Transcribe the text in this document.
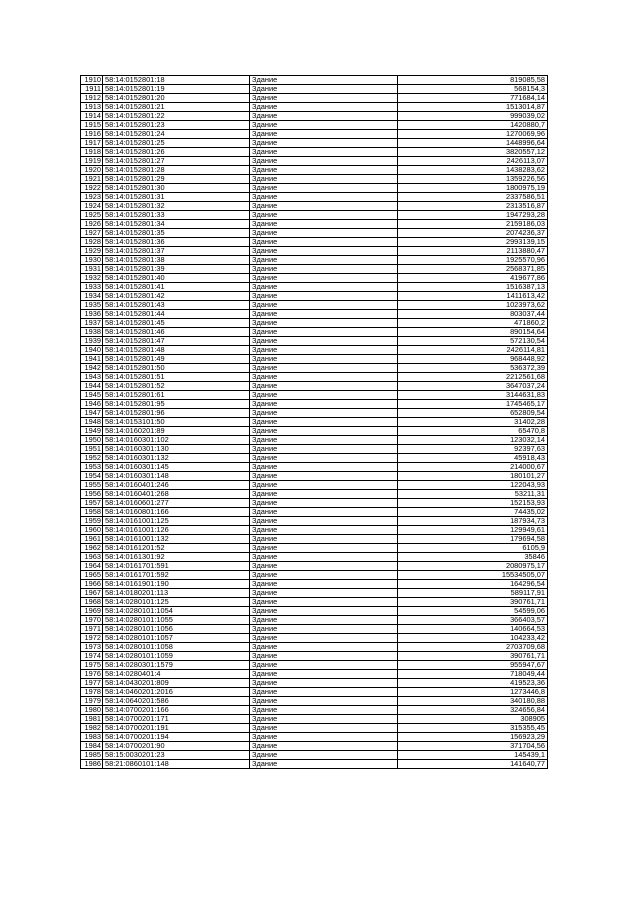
1910	58:14:0152801:18	Здание	819085,58
1911	58:14:0152801:19	Здание	568154,3
1912	58:14:0152801:20	Здание	771684,14
1913	58:14:0152801:21	Здание	1513014,87
1914	58:14:0152801:22	Здание	999039,02
1915	58:14:0152801:23	Здание	1420880,7
1916	58:14:0152801:24	Здание	1270069,96
1917	58:14:0152801:25	Здание	1448996,64
1918	58:14:0152801:26	Здание	3820557,12
1919	58:14:0152801:27	Здание	2426113,07
1920	58:14:0152801:28	Здание	1438283,62
1921	58:14:0152801:29	Здание	1359226,56
1922	58:14:0152801:30	Здание	1800975,19
1923	58:14:0152801:31	Здание	2337586,51
1924	58:14:0152801:32	Здание	2313516,87
1925	58:14:0152801:33	Здание	1947293,28
1926	58:14:0152801:34	Здание	2159186,03
1927	58:14:0152801:35	Здание	2074236,37
1928	58:14:0152801:36	Здание	2993139,15
1929	58:14:0152801:37	Здание	2113880,47
1930	58:14:0152801:38	Здание	1925570,96
1931	58:14:0152801:39	Здание	2568371,85
1932	58:14:0152801:40	Здание	419677,86
1933	58:14:0152801:41	Здание	1516387,13
1934	58:14:0152801:42	Здание	1411613,42
1935	58:14:0152801:43	Здание	1023973,62
1936	58:14:0152801:44	Здание	803037,44
1937	58:14:0152801:45	Здание	471860,2
1938	58:14:0152801:46	Здание	890154,64
1939	58:14:0152801:47	Здание	572130,54
1940	58:14:0152801:48	Здание	2426114,81
1941	58:14:0152801:49	Здание	968448,92
1942	58:14:0152801:50	Здание	536372,39
1943	58:14:0152801:51	Здание	2212561,68
1944	58:14:0152801:52	Здание	3647037,24
1945	58:14:0152801:61	Здание	3144631,83
1946	58:14:0152801:95	Здание	1745465,17
1947	58:14:0152801:96	Здание	652809,54
1948	58:14:0153101:50	Здание	31402,28
1949	58:14:0160201:89	Здание	65470,8
1950	58:14:0160301:102	Здание	123032,14
1951	58:14:0160301:130	Здание	92397,63
1952	58:14:0160301:132	Здание	45918,43
1953	58:14:0160301:145	Здание	214000,67
1954	58:14:0160301:148	Здание	180101,27
1955	58:14:0160401:246	Здание	122043,93
1956	58:14:0160401:268	Здание	53211,31
1957	58:14:0160601:277	Здание	152153,93
1958	58:14:0160801:166	Здание	74435,02
1959	58:14:0161001:125	Здание	187934,73
1960	58:14:0161001:126	Здание	129949,61
1961	58:14:0161001:132	Здание	179694,58
1962	58:14:0161201:52	Здание	6105,9
1963	58:14:0161301:92	Здание	35846
1964	58:14:0161701:591	Здание	2080975,17
1965	58:14:0161701:592	Здание	15534505,07
1966	58:14:0161901:190	Здание	164296,54
1967	58:14:0180201:113	Здание	589117,91
1968	58:14:0280101:125	Здание	390761,71
1969	58:14:0280101:1054	Здание	54599,06
1970	58:14:0280101:1055	Здание	366403,57
1971	58:14:0280101:1056	Здание	140664,53
1972	58:14:0280101:1057	Здание	104233,42
1973	58:14:0280101:1058	Здание	2703709,68
1974	58:14:0280101:1059	Здание	390761,71
1975	58:14:0280301:1579	Здание	955947,67
1976	58:14:0280401:4	Здание	718049,44
1977	58:14:0430201:809	Здание	419523,36
1978	58:14:0460201:2016	Здание	1273446,8
1979	58:14:0640201:586	Здание	340180,88
1980	58:14:0700201:166	Здание	324656,84
1981	58:14:0700201:171	Здание	308905
1982	58:14:0700201:191	Здание	315355,45
1983	58:14:0700201:194	Здание	156923,29
1984	58:14:0700201:90	Здание	371704,56
1985	58:15:0030201:23	Здание	145439,1
1986	58:21:0860101:148	Здание	141640,77
